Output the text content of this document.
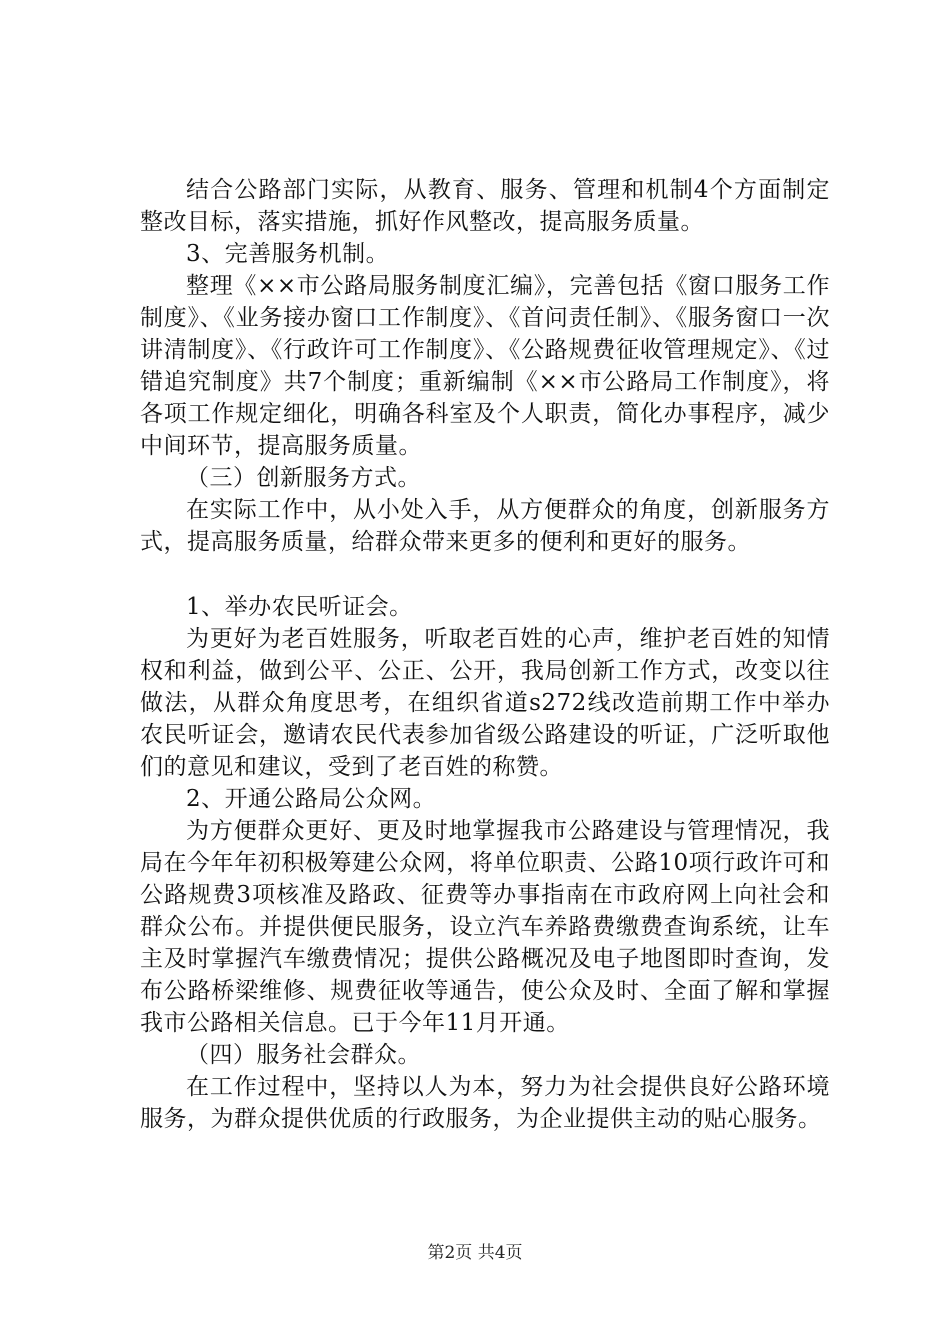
结合公路部门实际，从教育、服务、管理和机制4个方面制定整改目标，落实措施，抓好作风整改，提高服务质量。

3、完善服务机制。

整理《××市公路局服务制度汇编》，完善包括《窗口服务工作制度》、《业务接办窗口工作制度》、《首问责任制》、《服务窗口一次讲清制度》、《行政许可工作制度》、《公路规费征收管理规定》、《过错追究制度》共7个制度；重新编制《××市公路局工作制度》，将各项工作规定细化，明确各科室及个人职责，简化办事程序，减少中间环节，提高服务质量。

（三）创新服务方式。

在实际工作中，从小处入手，从方便群众的角度，创新服务方式，提高服务质量，给群众带来更多的便利和更好的服务。

1、举办农民听证会。

为更好为老百姓服务，听取老百姓的心声，维护老百姓的知情权和利益，做到公平、公正、公开，我局创新工作方式，改变以往做法，从群众角度思考，在组织省道s272线改造前期工作中举办农民听证会，邀请农民代表参加省级公路建设的听证，广泛听取他们的意见和建议，受到了老百姓的称赞。

2、开通公路局公众网。

为方便群众更好、更及时地掌握我市公路建设与管理情况，我局在今年年初积极筹建公众网，将单位职责、公路10项行政许可和公路规费3项核准及路政、征费等办事指南在市政府网上向社会和群众公布。并提供便民服务，设立汽车养路费缴费查询系统，让车主及时掌握汽车缴费情况；提供公路概况及电子地图即时查询，发布公路桥梁维修、规费征收等通告，使公众及时、全面了解和掌握我市公路相关信息。已于今年11月开通。

（四）服务社会群众。

在工作过程中，坚持以人为本，努力为社会提供良好公路环境服务，为群众提供优质的行政服务，为企业提供主动的贴心服务。

第2页 共4页
